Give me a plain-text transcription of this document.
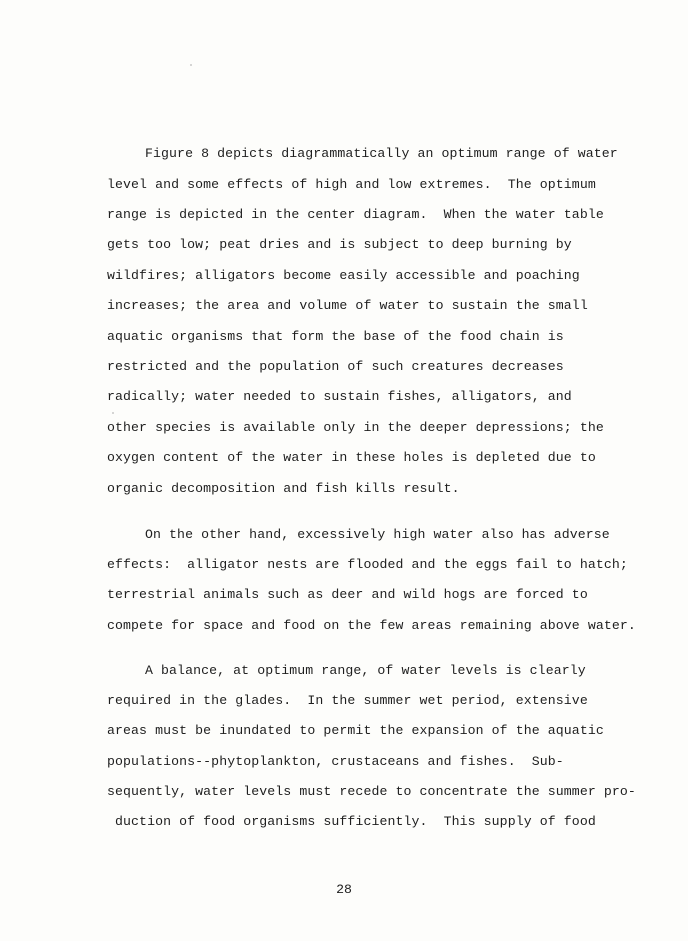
Figure 8 depicts diagrammatically an optimum range of water
level and some effects of high and low extremes.  The optimum
range is depicted in the center diagram.  When the water table
gets too low; peat dries and is subject to deep burning by
wildfires; alligators become easily accessible and poaching
increases; the area and volume of water to sustain the small
aquatic organisms that form the base of the food chain is
restricted and the population of such creatures decreases
radically; water needed to sustain fishes, alligators, and
other species is available only in the deeper depressions; the
oxygen content of the water in these holes is depleted due to
organic decomposition and fish kills result.
On the other hand, excessively high water also has adverse
effects:  alligator nests are flooded and the eggs fail to hatch;
terrestrial animals such as deer and wild hogs are forced to
compete for space and food on the few areas remaining above water.
A balance, at optimum range, of water levels is clearly
required in the glades.  In the summer wet period, extensive
areas must be inundated to permit the expansion of the aquatic
populations--phytoplankton, crustaceans and fishes.  Sub-
sequently, water levels must recede to concentrate the summer pro-
duction of food organisms sufficiently.  This supply of food
28
